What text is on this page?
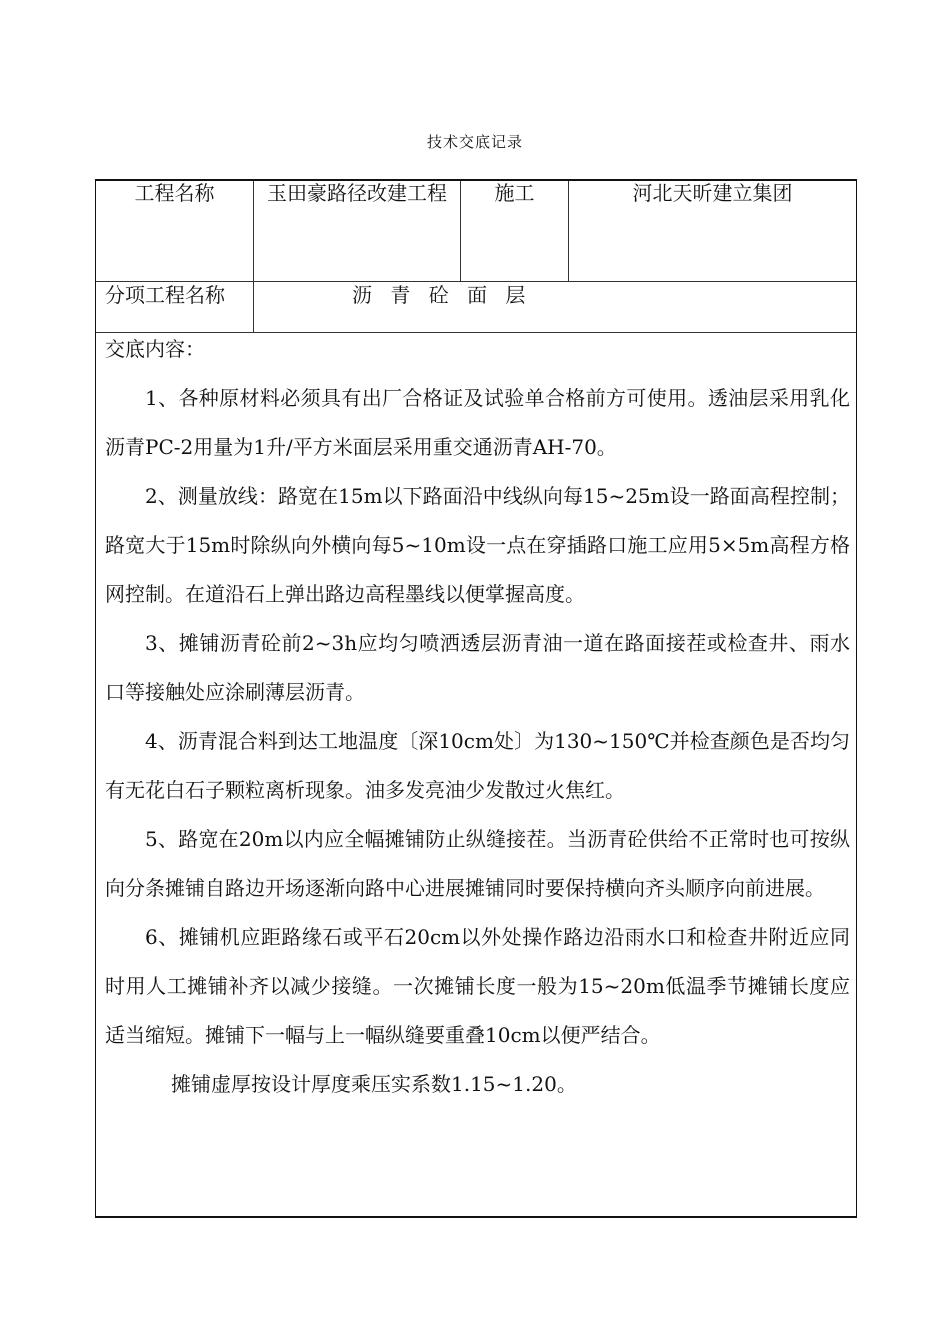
技术交底记录
工程名称	玉田豪路径改建工程	施工	河北天昕建立集团
分项工程名称	沥 青 砼 面 层

交底内容：

1、各种原材料必须具有出厂合格证及试验单合格前方可使用。透油层采用乳化沥青PC-2用量为1升/平方米面层采用重交通沥青AH-70。

2、测量放线：路宽在15m以下路面沿中线纵向每15~25m设一路面高程控制；路宽大于15m时除纵向外横向每5~10m设一点在穿插路口施工应用5×5m高程方格网控制。在道沿石上弹出路边高程墨线以便掌握高度。

3、摊铺沥青砼前2~3h应均匀喷洒透层沥青油一道在路面接茬或检查井、雨水口等接触处应涂刷薄层沥青。

4、沥青混合料到达工地温度〔深10cm处〕为130~150℃并检查颜色是否均匀有无花白石子颗粒离析现象。油多发亮油少发散过火焦红。

5、路宽在20m以内应全幅摊铺防止纵缝接茬。当沥青砼供给不正常时也可按纵向分条摊铺自路边开场逐渐向路中心进展摊铺同时要保持横向齐头顺序向前进展。

6、摊铺机应距路缘石或平石20cm以外处操作路边沿雨水口和检查井附近应同时用人工摊铺补齐以减少接缝。一次摊铺长度一般为15~20m低温季节摊铺长度应适当缩短。摊铺下一幅与上一幅纵缝要重叠10cm以便严结合。

摊铺虚厚按设计厚度乘压实系数1.15~1.20。
